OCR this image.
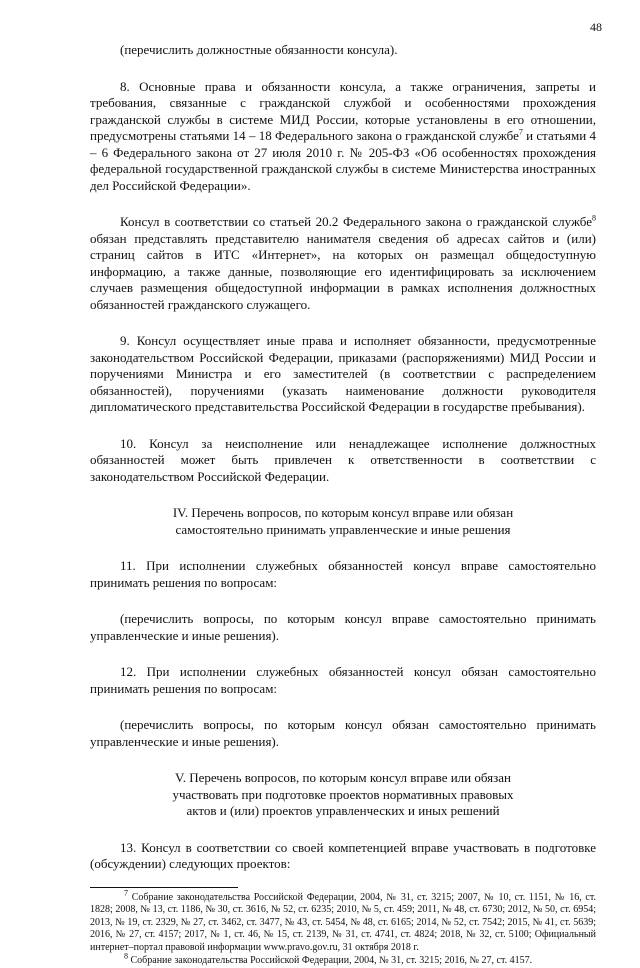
48

(перечислить должностные обязанности консула).

8. Основные права и обязанности консула, а также ограничения, запреты и требования, связанные с гражданской службой и особенностями прохождения гражданской службы в системе МИД России, которые установлены в его отношении, предусмотрены статьями 14 – 18 Федерального закона о гражданской службе$^7$ и статьями 4 – 6 Федерального закона от 27 июля 2010 г. № 205-ФЗ «Об особенностях прохождения федеральной государственной гражданской службы в системе Министерства иностранных дел Российской Федерации».

Консул в соответствии со статьей 20.2 Федерального закона о гражданской службе$^8$ обязан представлять представителю нанимателя сведения об адресах сайтов и (или) страниц сайтов в ИТС «Интернет», на которых он размещал общедоступную информацию, а также данные, позволяющие его идентифицировать за исключением случаев размещения общедоступной информации в рамках исполнения должностных обязанностей гражданского служащего.

9. Консул осуществляет иные права и исполняет обязанности, предусмотренные законодательством Российской Федерации, приказами (распоряжениями) МИД России и поручениями Министра и его заместителей (в соответствии с распределением обязанностей), поручениями (указать наименование должности руководителя дипломатического представительства Российской Федерации в государстве пребывания).

10. Консул за неисполнение или ненадлежащее исполнение должностных обязанностей может быть привлечен к ответственности в соответствии с законодательством Российской Федерации.

IV. Перечень вопросов, по которым консул вправе или обязан
самостоятельно принимать управленческие и иные решения

11. При исполнении служебных обязанностей консул вправе самостоятельно принимать решения по вопросам:

(перечислить вопросы, по которым консул вправе самостоятельно принимать управленческие и иные решения).

12. При исполнении служебных обязанностей консул обязан самостоятельно принимать решения по вопросам:

(перечислить вопросы, по которым консул обязан самостоятельно принимать управленческие и иные решения).

V. Перечень вопросов, по которым консул вправе или обязан
участвовать при подготовке проектов нормативных правовых
актов и (или) проектов управленческих и иных решений

13. Консул в соответствии со своей компетенцией вправе участвовать в подготовке (обсуждении) следующих проектов:

$^7$ Собрание законодательства Российской Федерации, 2004, № 31, ст. 3215; 2007, № 10, ст. 1151, № 16, ст. 1828; 2008, № 13, ст. 1186, № 30, ст. 3616, № 52, ст. 6235; 2010, № 5, ст. 459; 2011, № 48, ст. 6730; 2012, № 50, ст. 6954; 2013, № 19, ст. 2329, № 27, ст. 3462, ст. 3477, № 43, ст. 5454, № 48, ст. 6165; 2014, № 52, ст. 7542; 2015, № 41, ст. 5639; 2016, № 27, ст. 4157; 2017, № 1, ст. 46, № 15, ст. 2139, № 31, ст. 4741, ст. 4824; 2018, № 32, ст. 5100; Официальный интернет–портал правовой информации www.pravo.gov.ru, 31 октября 2018 г.

$^8$ Собрание законодательства Российской Федерации, 2004, № 31, ст. 3215; 2016, № 27, ст. 4157.
